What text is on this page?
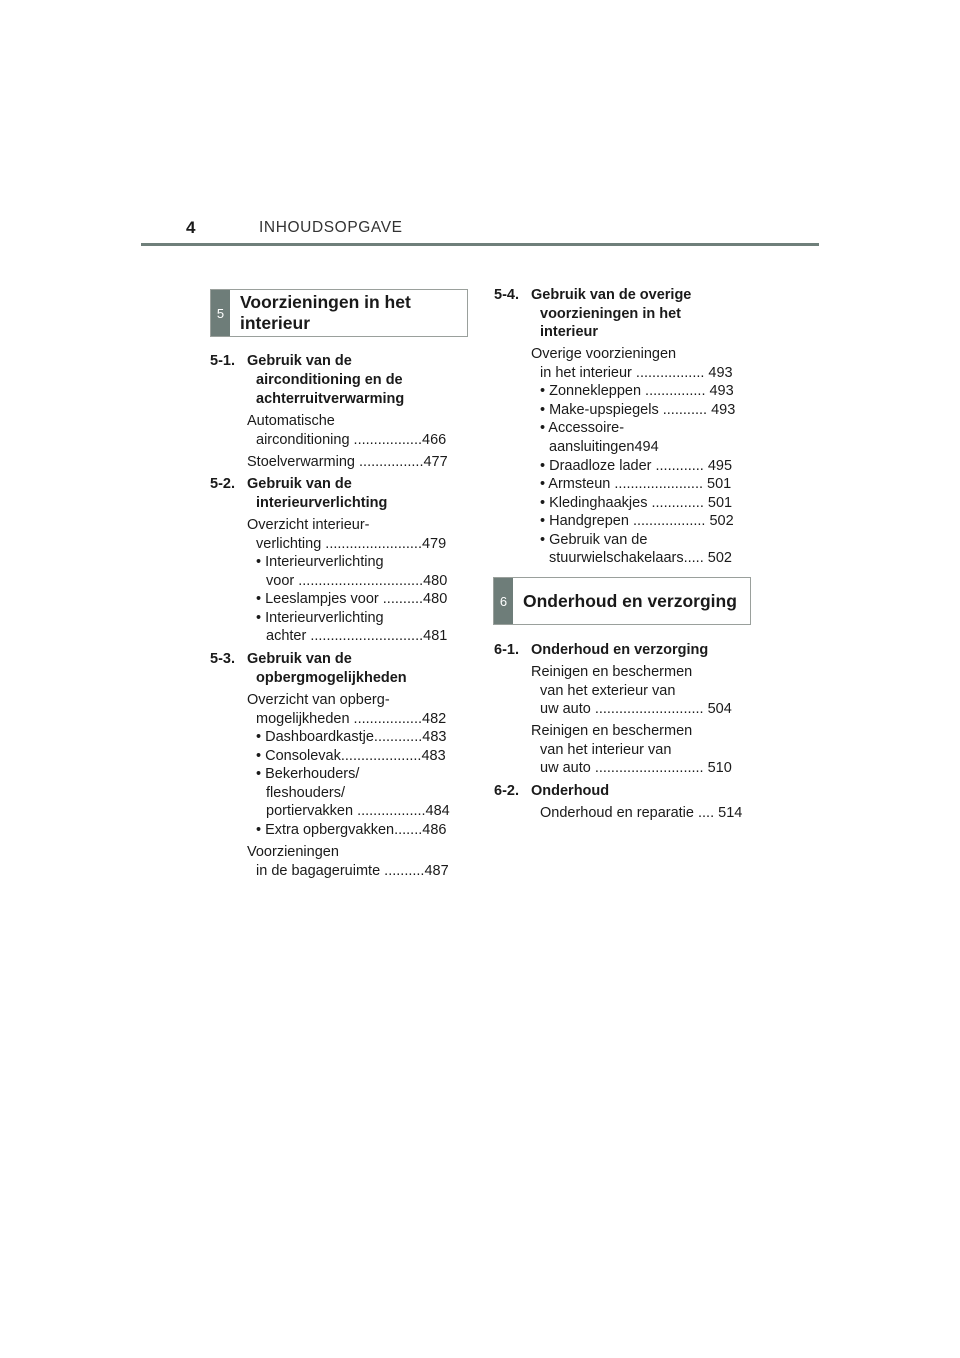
4	INHOUDSOPGAVE
5
Voorzieningen in het
interieur
5-1. Gebruik van de
airconditioning en de
achterruitverwarming
Automatische
airconditioning .................466
Stoelverwarming ................477
5-2. Gebruik van de
interieurverlichting
Overzicht interieur-
verlichting ........................479
• Interieurverlichting
voor ...............................480
• Leeslampjes voor ..........480
• Interieurverlichting
achter ............................481
5-3. Gebruik van de
opbergmogelijkheden
Overzicht van opberg-
mogelijkheden .................482
• Dashboardkastje............483
• Consolevak....................483
• Bekerhouders/
fleshouders/
portiervakken .................484
• Extra opbergvakken.......486
Voorzieningen
in de bagageruimte ..........487
5-4. Gebruik van de overige
voorzieningen in het
interieur
Overige voorzieningen
in het interieur ................. 493
• Zonnekleppen ............... 493
• Make-upspiegels ........... 493
• Accessoire-
aansluitingen494
• Draadloze lader ............ 495
• Armsteun ...................... 501
• Kledinghaakjes ............. 501
• Handgrepen .................. 502
• Gebruik van de
stuurwielschakelaars..... 502
6 Onderhoud en verzorging
6-1. Onderhoud en verzorging
Reinigen en beschermen
van het exterieur van
uw auto ........................... 504
Reinigen en beschermen
van het interieur van
uw auto ........................... 510
6-2. Onderhoud
Onderhoud en reparatie .... 514
